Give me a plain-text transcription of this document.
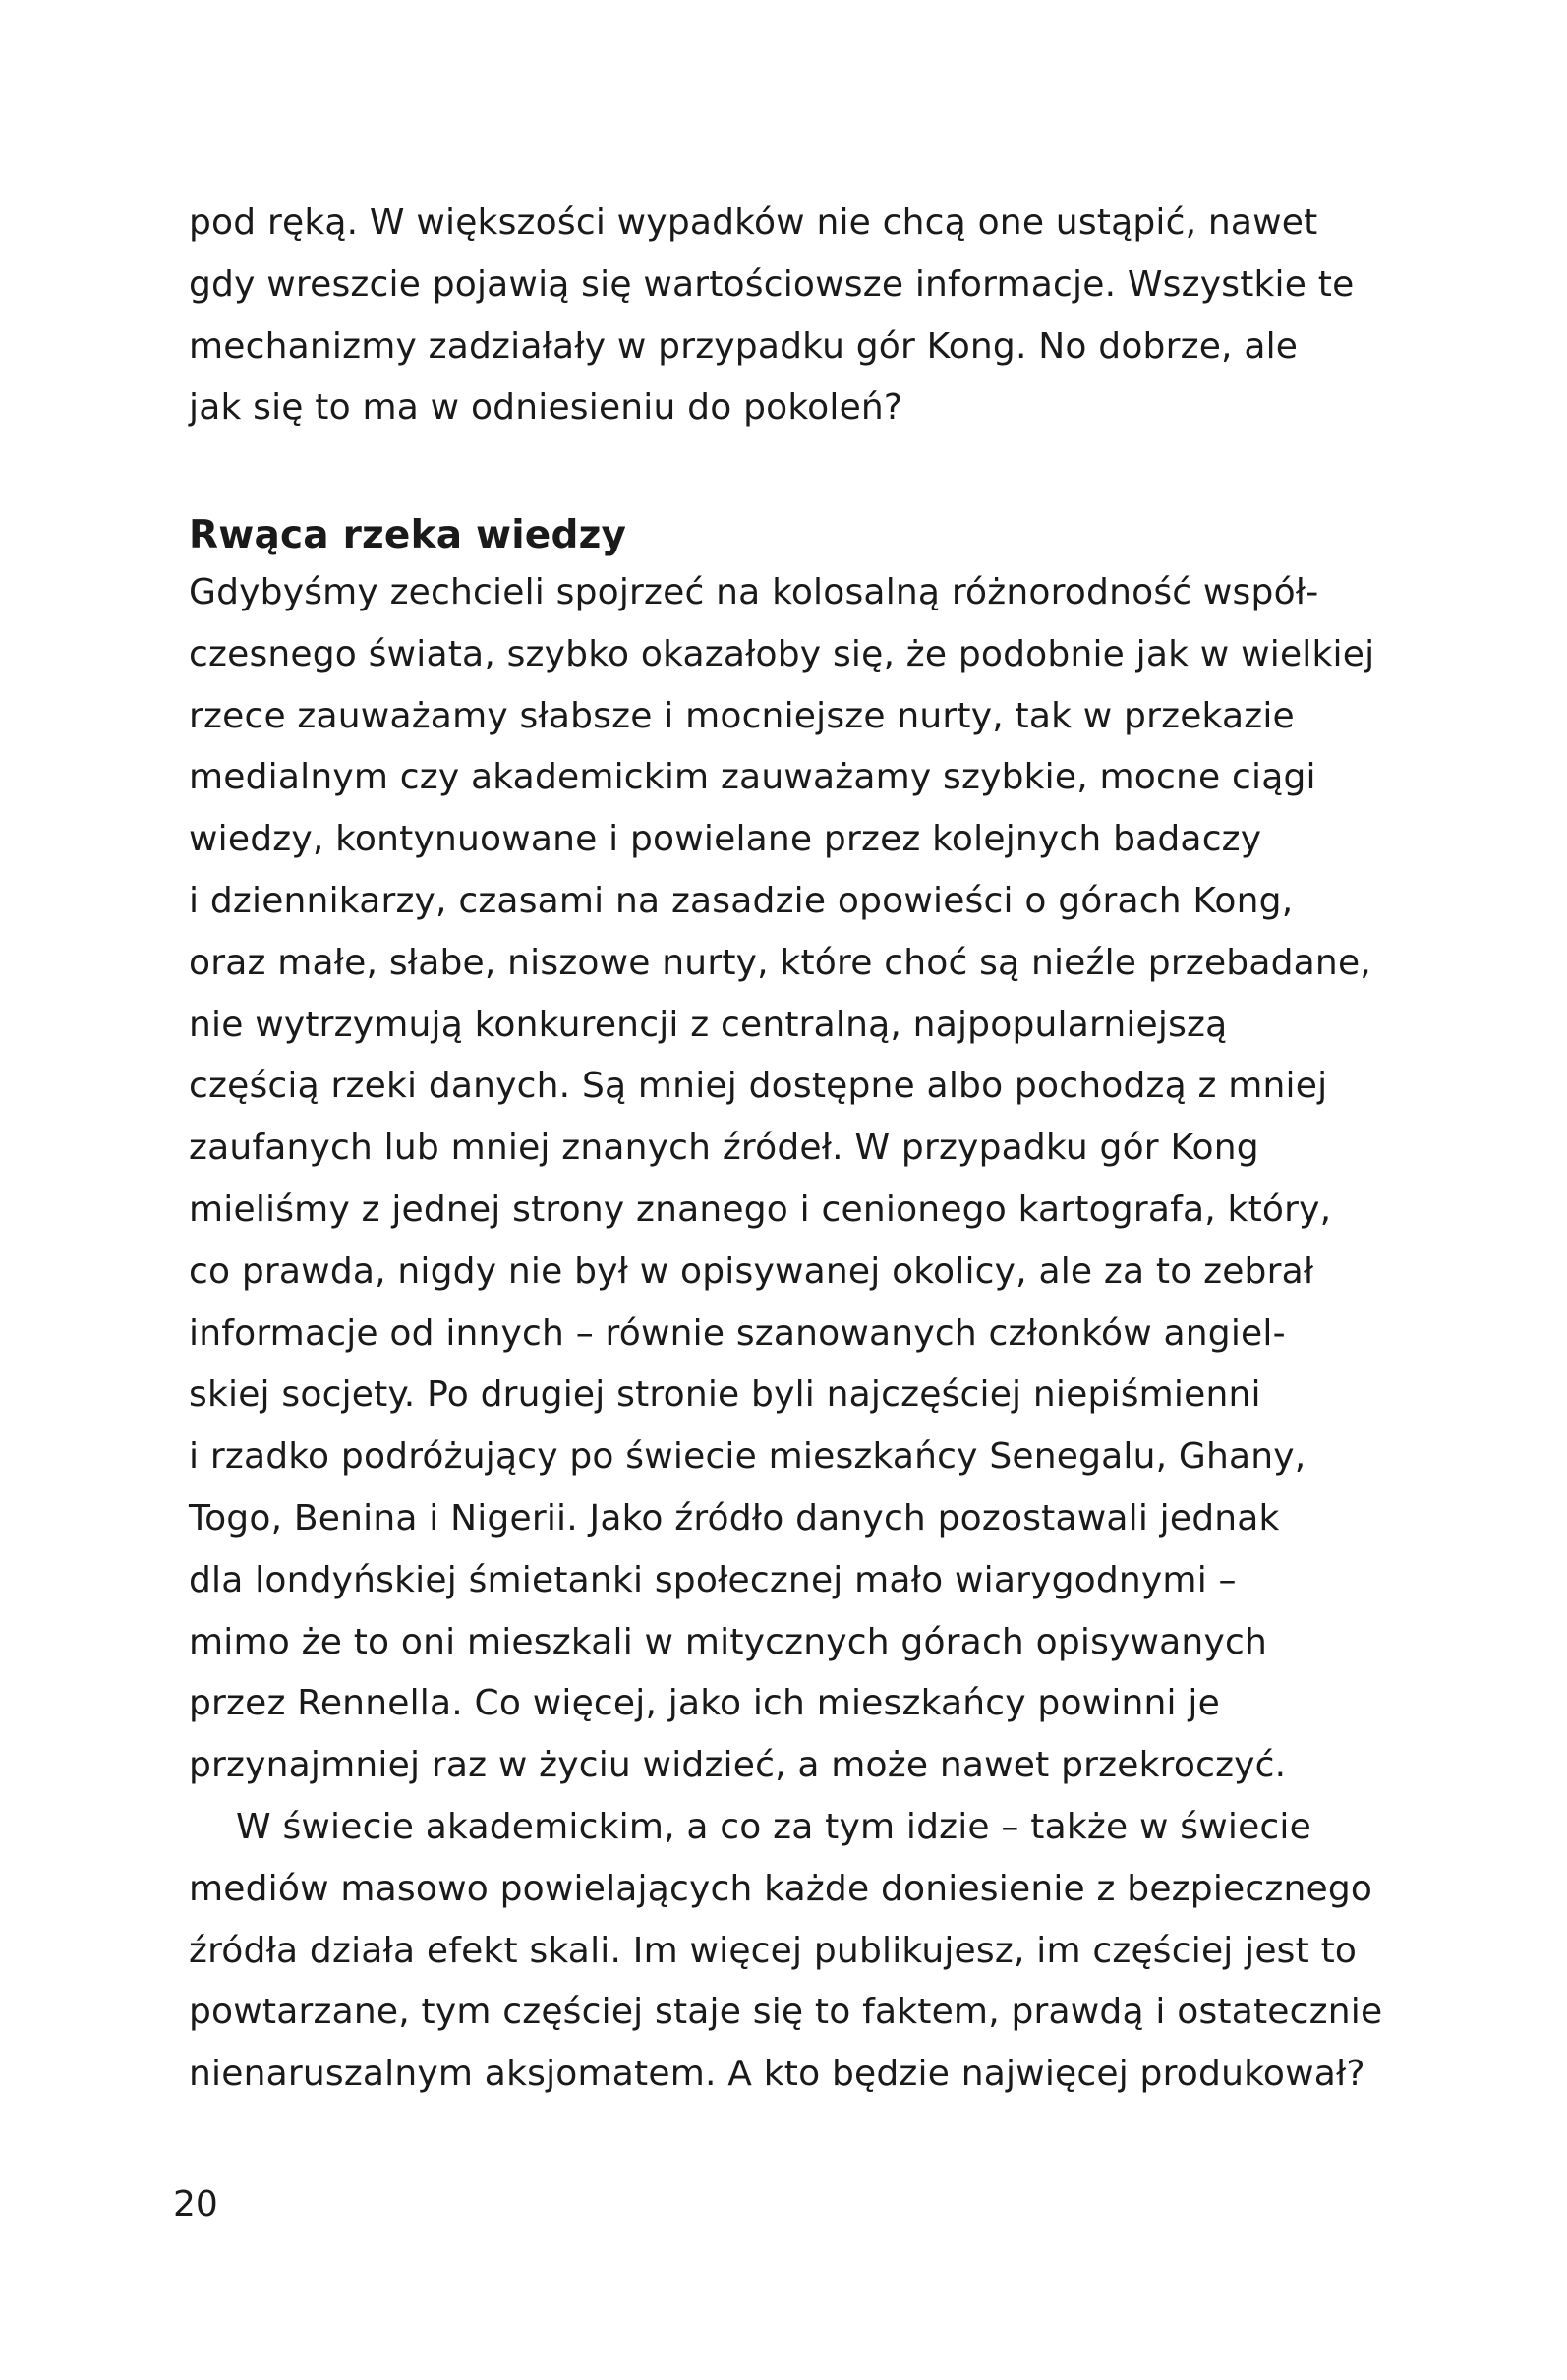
pod ręką. W większości wypadków nie chcą one ustąpić, nawet
gdy wreszcie pojawią się wartościowsze informacje. Wszystkie te
mechanizmy zadziałały w przypadku gór Kong. No dobrze, ale
jak się to ma w odniesieniu do pokoleń?
Rwąca rzeka wiedzy
Gdybyśmy zechcieli spojrzeć na kolosalną różnorodność współ-
czesnego świata, szybko okazałoby się, że podobnie jak w wielkiej
rzece zauważamy słabsze i mocniejsze nurty, tak w przekazie
medialnym czy akademickim zauważamy szybkie, mocne ciągi
wiedzy, kontynuowane i powielane przez kolejnych badaczy
i dziennikarzy, czasami na zasadzie opowieści o górach Kong,
oraz małe, słabe, niszowe nurty, które choć są nieźle przebadane,
nie wytrzymują konkurencji z centralną, najpopularniejszą
częścią rzeki danych. Są mniej dostępne albo pochodzą z mniej
zaufanych lub mniej znanych źródeł. W przypadku gór Kong
mieliśmy z jednej strony znanego i cenionego kartografa, który,
co prawda, nigdy nie był w opisywanej okolicy, ale za to zebrał
informacje od innych – równie szanowanych członków angiel-
skiej socjety. Po drugiej stronie byli najczęściej niepiśmienni
i rzadko podróżujący po świecie mieszkańcy Senegalu, Ghany,
Togo, Benina i Nigerii. Jako źródło danych pozostawali jednak
dla londyńskiej śmietanki społecznej mało wiarygodnymi –
mimo że to oni mieszkali w mitycznych górach opisywanych
przez Rennella. Co więcej, jako ich mieszkańcy powinni je
przynajmniej raz w życiu widzieć, a może nawet przekroczyć.
W świecie akademickim, a co za tym idzie – także w świecie
mediów masowo powielających każde doniesienie z bezpiecznego
źródła działa efekt skali. Im więcej publikujesz, im częściej jest to
powtarzane, tym częściej staje się to faktem, prawdą i ostatecznie
nienaruszalnym aksjomatem. A kto będzie najwięcej produkował?
20
